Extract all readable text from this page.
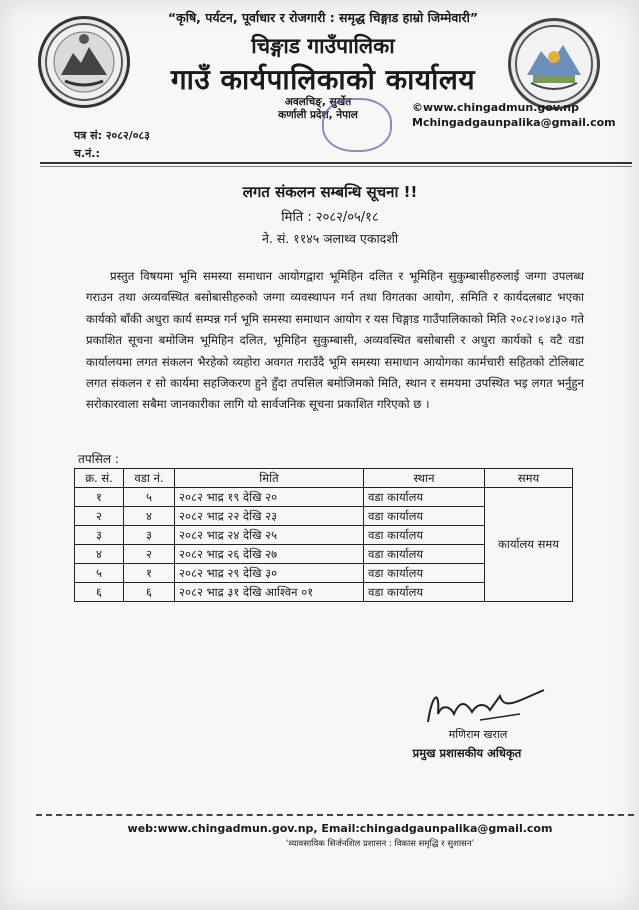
“कृषि, पर्यटन, पूर्वाधार र रोजगारी : समृद्ध चिङ्गाड हाम्रो जिम्मेवारी”
चिङ्गाड गाउँपालिका
गाउँ कार्यपालिकाको कार्यालय
अवलचिङ्, सुर्खेत
कर्णाली प्रदेश, नेपाल
©www.chingadmun.gov.np
Mchingadgaunpalika@gmail.com
पत्र सं: २०८२/०८३
च.नं.:
लगत संकलन सम्बन्धि सूचना !!
मिति : २०८२/०५/१८
ने. सं. ११४५ ञलाथ्व एकादशी
प्रस्तुत विषयमा भूमि समस्या समाधान आयोगद्वारा भूमिहिन दलित र भूमिहिन सुकुम्बासीहरुलाई जग्गा उपलब्ध गराउन तथा अव्यवस्थित बसोबासीहरुको जग्गा व्यवस्थापन गर्न तथा विगतका आयोग, समिति र कार्यदलबाट भएका कार्यको बाँकी अधुरा कार्य सम्पन्न गर्न भूमि समस्या समाधान आयोग र यस चिङ्गाड गाउँपालिकाको मिति २०८२।०४।३० गते प्रकाशित सूचना बमोजिम भूमिहिन दलित, भूमिहिन सुकुम्बासी, अव्यवस्थित बसोबासी र अधुरा कार्यको ६ वटै वडा कार्यालयमा लगत संकलन भैरहेको व्यहोरा अवगत गराउँदै भूमि समस्या समाधान आयोगका कार्मचारी सहितको टोलिबाट लगत संकलन र सो कार्यमा सहजिकरण हुने हुँदा तपसिल बमोजिमको मिति, स्थान र समयमा उपस्थित भइ लगत भर्नुहुन सरोकारवाला सबैमा जानकारीका लागि यो सार्वजनिक सूचना प्रकाशित गरिएको छ ।
तपसिल :
क्र. सं.	वडा नं.	मिति	स्थान	समय
१	५	२०८२ भाद्र १९ देखि २०	वडा कार्यालय	कार्यालय समय
२	४	२०८२ भाद्र २२ देखि २३	वडा कार्यालय	
३	३	२०८२ भाद्र २४ देखि २५	वडा कार्यालय	
४	२	२०८२ भाद्र २६ देखि २७	वडा कार्यालय	
५	१	२०८२ भाद्र २९ देखि ३०	वडा कार्यालय	
६	६	२०८२ भाद्र ३१ देखि आश्विन ०१	वडा कार्यालय	
मणिराम खराल
प्रमुख प्रशासकीय अधिकृत
web:www.chingadmun.gov.np, Email:chingadgaunpalika@gmail.com
‘व्यावसायिक सिर्जनशिल प्रशासन : विकास समृद्धि र सुशासन’
